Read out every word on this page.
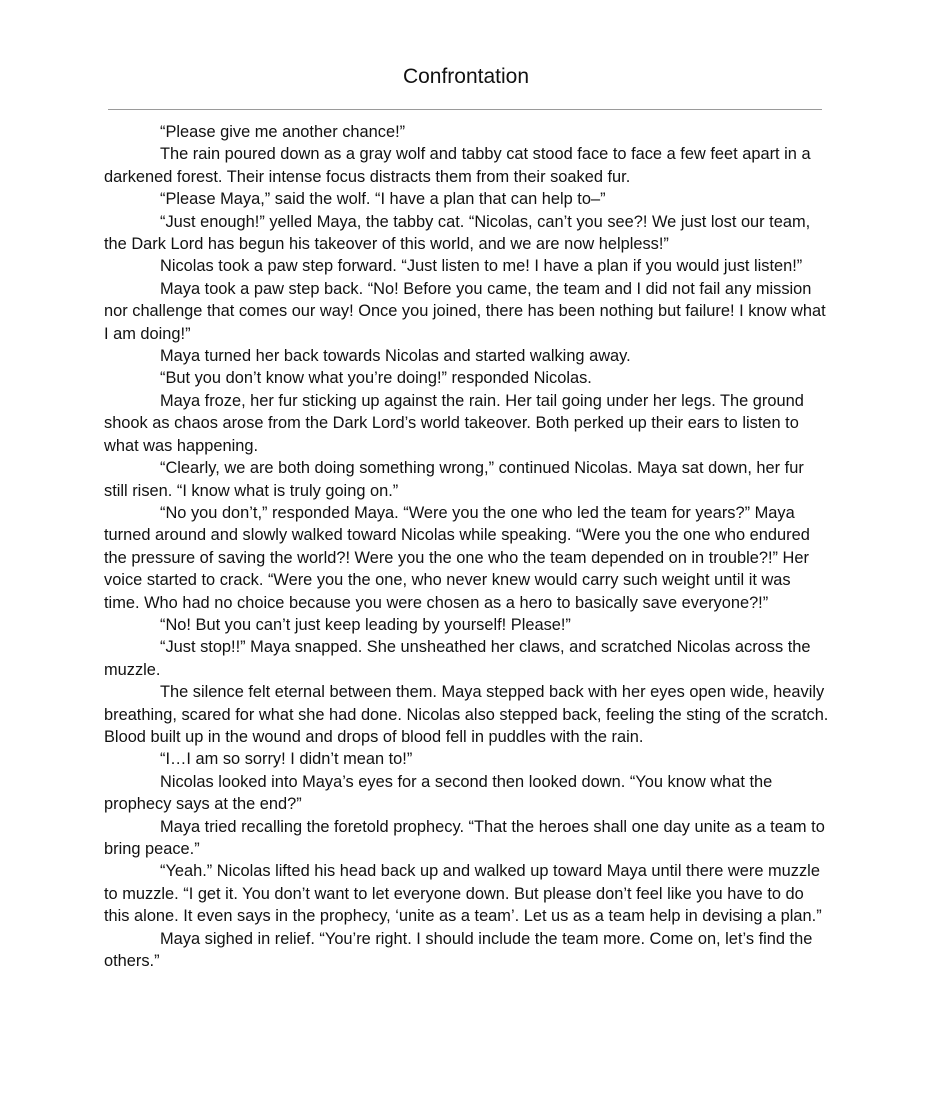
Confrontation

“Please give me another chance!”

The rain poured down as a gray wolf and tabby cat stood face to face a few feet apart in a darkened forest. Their intense focus distracts them from their soaked fur.

“Please Maya,” said the wolf. “I have a plan that can help to–”

“Just enough!” yelled Maya, the tabby cat. “Nicolas, can’t you see?! We just lost our team, the Dark Lord has begun his takeover of this world, and we are now helpless!”

Nicolas took a paw step forward. “Just listen to me! I have a plan if you would just listen!”

Maya took a paw step back. “No! Before you came, the team and I did not fail any mission nor challenge that comes our way! Once you joined, there has been nothing but failure! I know what I am doing!”

Maya turned her back towards Nicolas and started walking away.

“But you don’t know what you’re doing!” responded Nicolas.

Maya froze, her fur sticking up against the rain. Her tail going under her legs. The ground shook as chaos arose from the Dark Lord’s world takeover. Both perked up their ears to listen to what was happening.

“Clearly, we are both doing something wrong,” continued Nicolas. Maya sat down, her fur still risen. “I know what is truly going on.”

“No you don’t,” responded Maya. “Were you the one who led the team for years?” Maya turned around and slowly walked toward Nicolas while speaking. “Were you the one who endured the pressure of saving the world?! Were you the one who the team depended on in trouble?!” Her voice started to crack. “Were you the one, who never knew would carry such weight until it was time. Who had no choice because you were chosen as a hero to basically save everyone?!”

“No! But you can’t just keep leading by yourself! Please!”

“Just stop!!” Maya snapped. She unsheathed her claws, and scratched Nicolas across the muzzle.

The silence felt eternal between them. Maya stepped back with her eyes open wide, heavily breathing, scared for what she had done. Nicolas also stepped back, feeling the sting of the scratch. Blood built up in the wound and drops of blood fell in puddles with the rain.

“I…I am so sorry! I didn’t mean to!”

Nicolas looked into Maya’s eyes for a second then looked down. “You know what the prophecy says at the end?”

Maya tried recalling the foretold prophecy. “That the heroes shall one day unite as a team to bring peace.”

“Yeah.” Nicolas lifted his head back up and walked up toward Maya until there were muzzle to muzzle. “I get it. You don’t want to let everyone down. But please don’t feel like you have to do this alone. It even says in the prophecy, ‘unite as a team’. Let us as a team help in devising a plan.”

Maya sighed in relief. “You’re right. I should include the team more. Come on, let’s find the others.”
